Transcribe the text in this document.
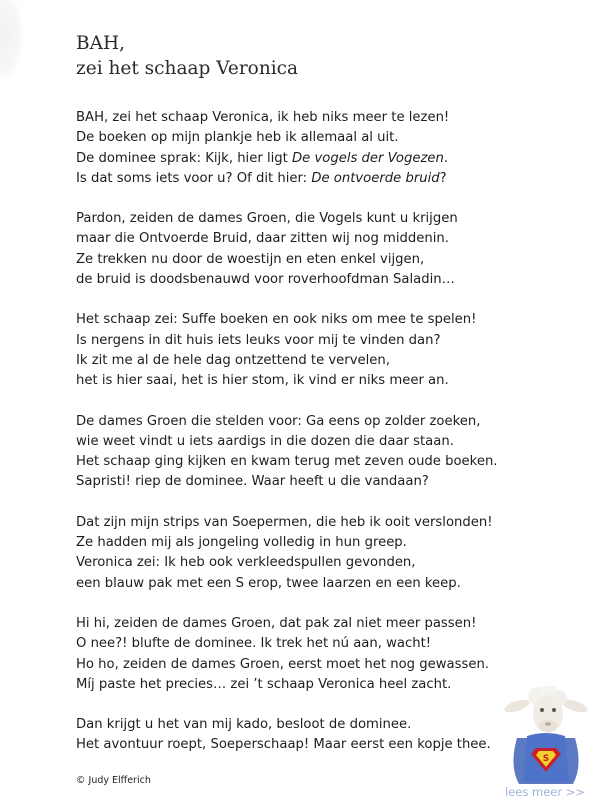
BAH,
zei het schaap Veronica
BAH, zei het schaap Veronica, ik heb niks meer te lezen!
De boeken op mijn plankje heb ik allemaal al uit.
De dominee sprak: Kijk, hier ligt De vogels der Vogezen.
Is dat soms iets voor u? Of dit hier: De ontvoerde bruid?
Pardon, zeiden de dames Groen, die Vogels kunt u krijgen
maar die Ontvoerde Bruid, daar zitten wij nog middenin.
Ze trekken nu door de woestijn en eten enkel vijgen,
de bruid is doodsbenauwd voor roverhoofdman Saladin…
Het schaap zei: Suffe boeken en ook niks om mee te spelen!
Is nergens in dit huis iets leuks voor mij te vinden dan?
Ik zit me al de hele dag ontzettend te vervelen,
het is hier saai, het is hier stom, ik vind er niks meer an.
De dames Groen die stelden voor: Ga eens op zolder zoeken,
wie weet vindt u iets aardigs in die dozen die daar staan.
Het schaap ging kijken en kwam terug met zeven oude boeken.
Sapristi! riep de dominee. Waar heeft u die vandaan?
Dat zijn mijn strips van Soepermen, die heb ik ooit verslonden!
Ze hadden mij als jongeling volledig in hun greep.
Veronica zei: Ik heb ook verkleedspullen gevonden,
een blauw pak met een S erop, twee laarzen en een keep.
Hi hi, zeiden de dames Groen, dat pak zal niet meer passen!
O nee?! blufte de dominee. Ik trek het nú aan, wacht!
Ho ho, zeiden de dames Groen, eerst moet het nog gewassen.
Míj paste het precies… zei ’t schaap Veronica heel zacht.
Dan krijgt u het van mij kado, besloot de dominee.
Het avontuur roept, Soeperschaap! Maar eerst een kopje thee.
© Judy Elfferich
S
lees meer >>
